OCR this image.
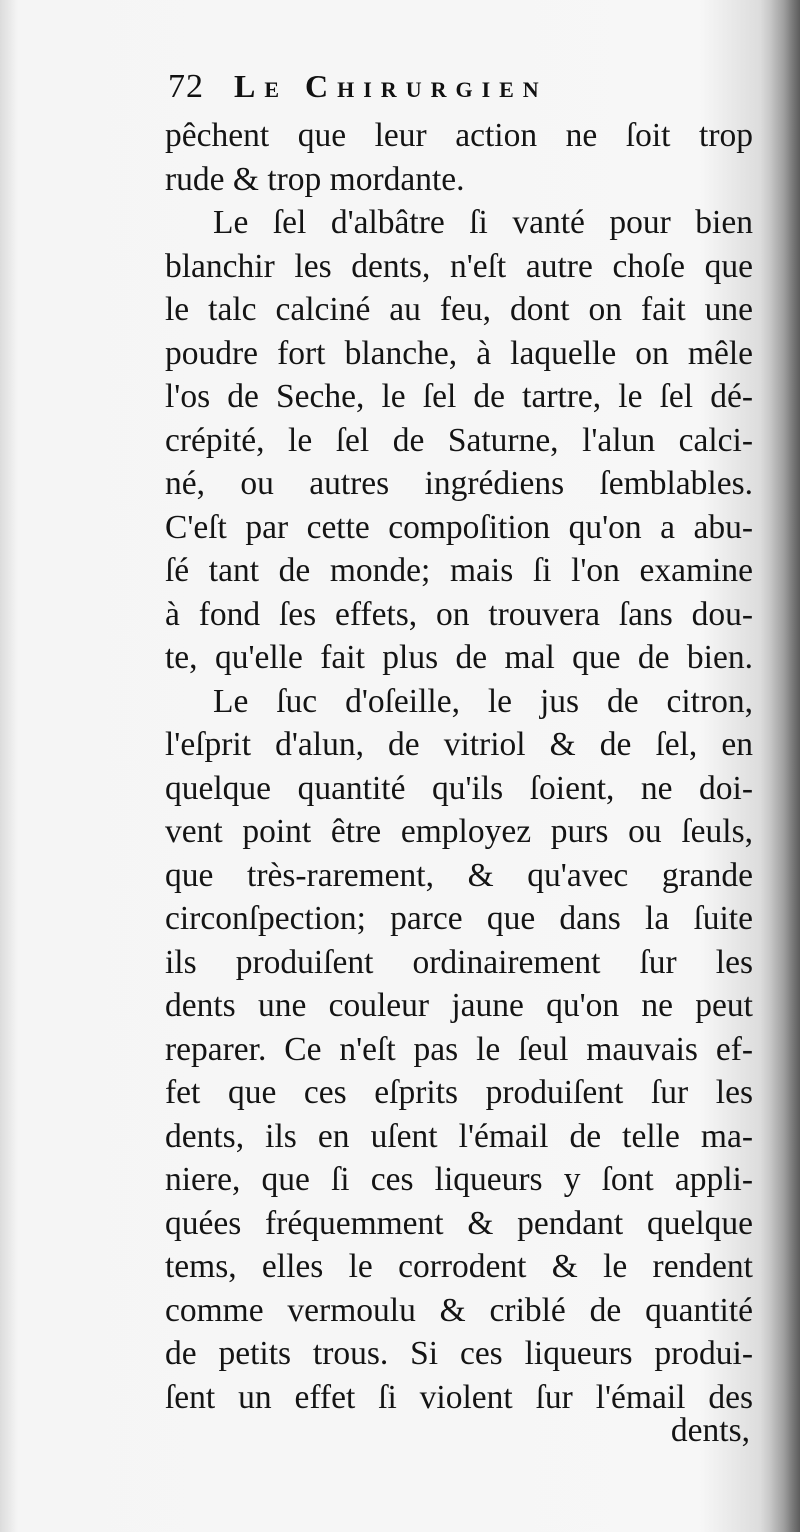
72 Le Chirurgien
pêchent que leur action ne ſoit trop
rude & trop mordante.
Le ſel d'albâtre ſi vanté pour bien
blanchir les dents, n'eſt autre choſe que
le talc calciné au feu, dont on fait une
poudre fort blanche, à laquelle on mêle
l'os de Seche, le ſel de tartre, le ſel dé-
crépité, le ſel de Saturne, l'alun calci-
né, ou autres ingrédiens ſemblables.
C'eſt par cette compoſition qu'on a abu-
ſé tant de monde; mais ſi l'on examine
à fond ſes effets, on trouvera ſans dou-
te, qu'elle fait plus de mal que de bien.
Le ſuc d'oſeille, le jus de citron,
l'eſprit d'alun, de vitriol & de ſel, en
quelque quantité qu'ils ſoient, ne doi-
vent point être employez purs ou ſeuls,
que très-rarement, & qu'avec grande
circonſpection; parce que dans la ſuite
ils produiſent ordinairement ſur les
dents une couleur jaune qu'on ne peut
reparer. Ce n'eſt pas le ſeul mauvais ef-
fet que ces eſprits produiſent ſur les
dents, ils en uſent l'émail de telle ma-
niere, que ſi ces liqueurs y ſont appli-
quées fréquemment & pendant quelque
tems, elles le corrodent & le rendent
comme vermoulu & criblé de quantité
de petits trous. Si ces liqueurs produi-
ſent un effet ſi violent ſur l'émail des
dents,
